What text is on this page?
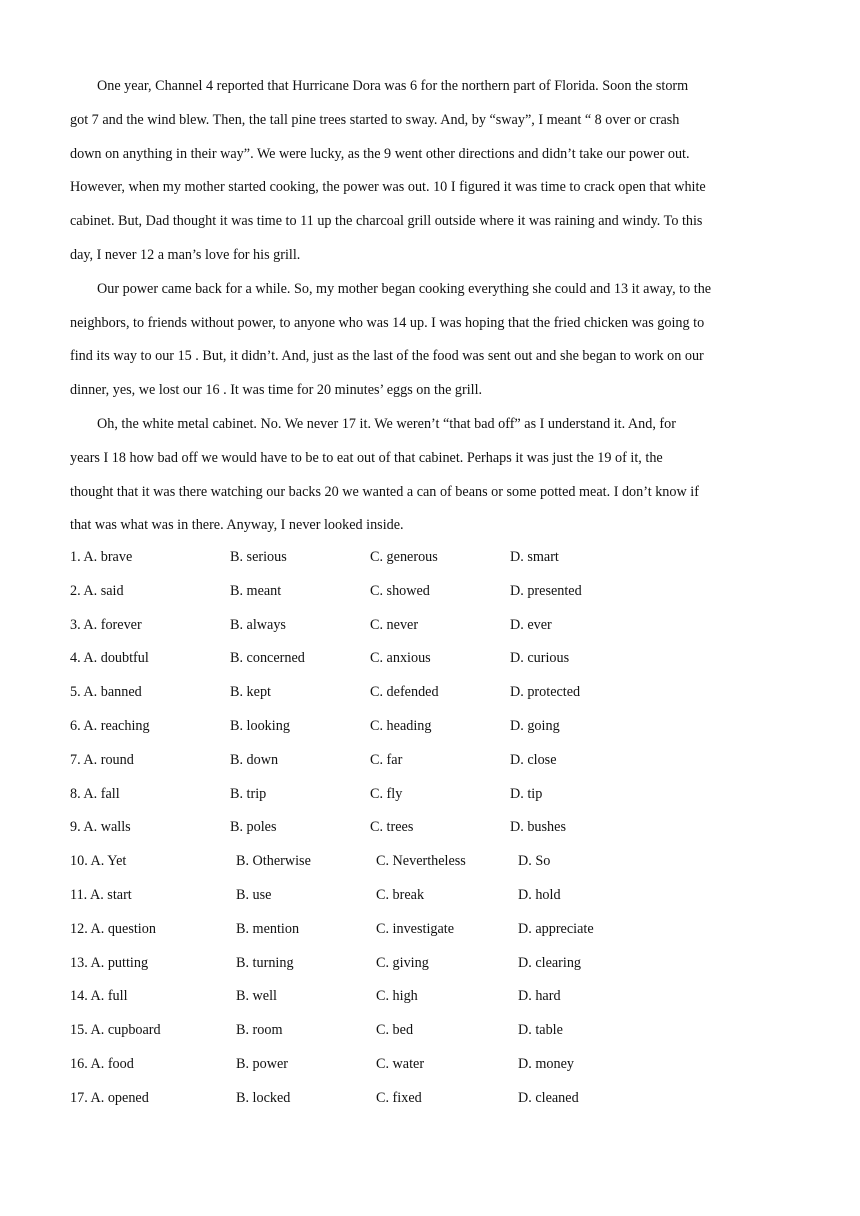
One year, Channel 4 reported that Hurricane Dora was 6 for the northern part of Florida. Soon the storm
got 7 and the wind blew. Then, the tall pine trees started to sway. And, by “sway”, I meant “ 8 over or crash
down on anything in their way”. We were lucky, as the 9 went other directions and didn’t take our power out.
However, when my mother started cooking, the power was out. 10 I figured it was time to crack open that white
cabinet. But, Dad thought it was time to 11 up the charcoal grill outside where it was raining and windy. To this
day, I never 12 a man’s love for his grill.
Our power came back for a while. So, my mother began cooking everything she could and 13 it away, to the
neighbors, to friends without power, to anyone who was 14 up. I was hoping that the fried chicken was going to
find its way to our 15 . But, it didn’t. And, just as the last of the food was sent out and she began to work on our
dinner, yes, we lost our 16 . It was time for 20 minutes’ eggs on the grill.
Oh, the white metal cabinet. No. We never 17 it. We weren’t “that bad off” as I understand it. And, for
years I 18 how bad off we would have to be to eat out of that cabinet. Perhaps it was just the 19 of it, the
thought that it was there watching our backs 20 we wanted a can of beans or some potted meat. I don’t know if
that was what was in there. Anyway, I never looked inside.
1. A. brave	B. serious	C. generous	D. smart
2. A. said	B. meant	C. showed	D. presented
3. A. forever	B. always	C. never	D. ever
4. A. doubtful	B. concerned	C. anxious	D. curious
5. A. banned	B. kept	C. defended	D. protected
6. A. reaching	B. looking	C. heading	D. going
7. A. round	B. down	C. far	D. close
8. A. fall	B. trip	C. fly	D. tip
9. A. walls	B. poles	C. trees	D. bushes
10. A. Yet	B. Otherwise	C. Nevertheless	D. So
11. A. start	B. use	C. break	D. hold
12. A. question	B. mention	C. investigate	D. appreciate
13. A. putting	B. turning	C. giving	D. clearing
14. A. full	B. well	C. high	D. hard
15. A. cupboard	B. room	C. bed	D. table
16. A. food	B. power	C. water	D. money
17. A. opened	B. locked	C. fixed	D. cleaned
